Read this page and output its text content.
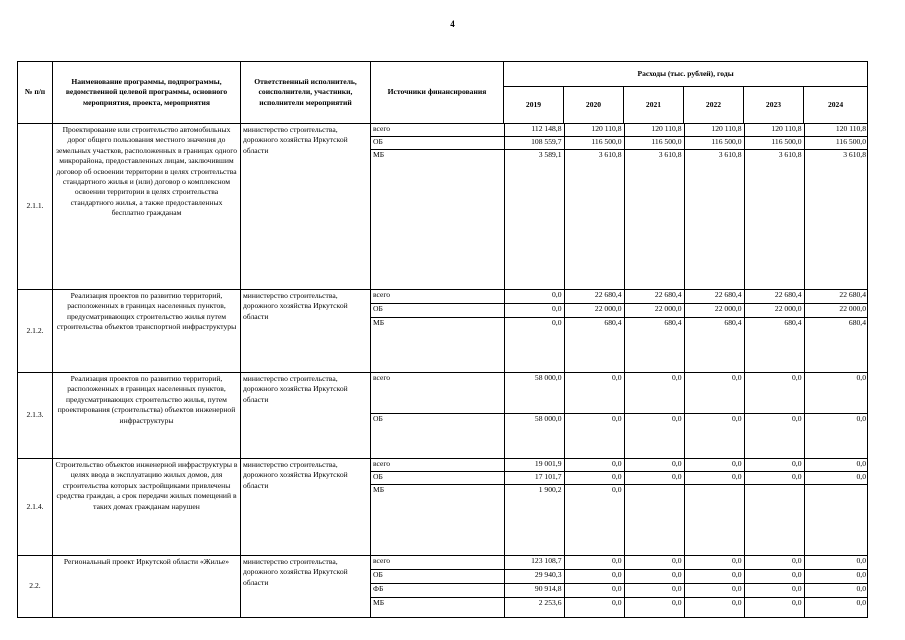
4
№ п/п	Наименование программы, подпрограммы, ведомственной целевой программы, основного мероприятия, проекта, мероприятия	Ответственный исполнитель, соисполнители, участники, исполнители мероприятий	Источники финансирования	Расходы (тыс. рублей), годы
2019	2020	2021	2022	2023	2024
2.1.1.	Проектирование или строительство автомобильных дорог общего пользования местного значения до земельных участков, расположенных в границах одного микрорайона, предоставленных лицам, заключившим договор об освоении территории в целях строительства стандартного жилья и (или) договор о комплексном освоении территории в целях строительства стандартного жилья, а также предоставленных бесплатно гражданам	министерство строительства, дорожного хозяйства Иркутской области	
всего	112 148,8	120 110,8	120 110,8	120 110,8	120 110,8	120 110,8
ОБ	108 559,7	116 500,0	116 500,0	116 500,0	116 500,0	116 500,0
МБ	3 589,1	3 610,8	3 610,8	3 610,8	3 610,8	3 610,8

2.1.2.	Реализация проектов по развитию территорий, расположенных в границах населенных пунктов, предусматривающих строительство жилья путем строительства объектов транспортной инфраструктуры	министерство строительства, дорожного хозяйства Иркутской области	
всего	0,0	22 680,4	22 680,4	22 680,4	22 680,4	22 680,4
ОБ	0,0	22 000,0	22 000,0	22 000,0	22 000,0	22 000,0
МБ	0,0	680,4	680,4	680,4	680,4	680,4

2.1.3.	Реализация проектов по развитию территорий, расположенных в границах населенных пунктов, предусматривающих строительство жилья, путем проектирования (строительства) объектов инженерной инфраструктуры	министерство строительства, дорожного хозяйства Иркутской области	
всего	58 000,0	0,0	0,0	0,0	0,0	0,0
ОБ	58 000,0	0,0	0,0	0,0	0,0	0,0

2.1.4.	Строительство объектов инженерной инфраструктуры в целях ввода в эксплуатацию жилых домов, для строительства которых застройщиками привлечены средства граждан, а срок передачи жилых помещений в таких домах гражданам нарушен	министерство строительства, дорожного хозяйства Иркутской области	
всего	19 001,9	0,0	0,0	0,0	0,0	0,0
ОБ	17 101,7	0,0	0,0	0,0	0,0	0,0
МБ	1 900,2	0,0				

2.2.	Региональный проект Иркутской области «Жилье»	министерство строительства, дорожного хозяйства Иркутской области	
всего	123 108,7	0,0	0,0	0,0	0,0	0,0
ОБ	29 940,3	0,0	0,0	0,0	0,0	0,0
ФБ	90 914,8	0,0	0,0	0,0	0,0	0,0
МБ	2 253,6	0,0	0,0	0,0	0,0	0,0
